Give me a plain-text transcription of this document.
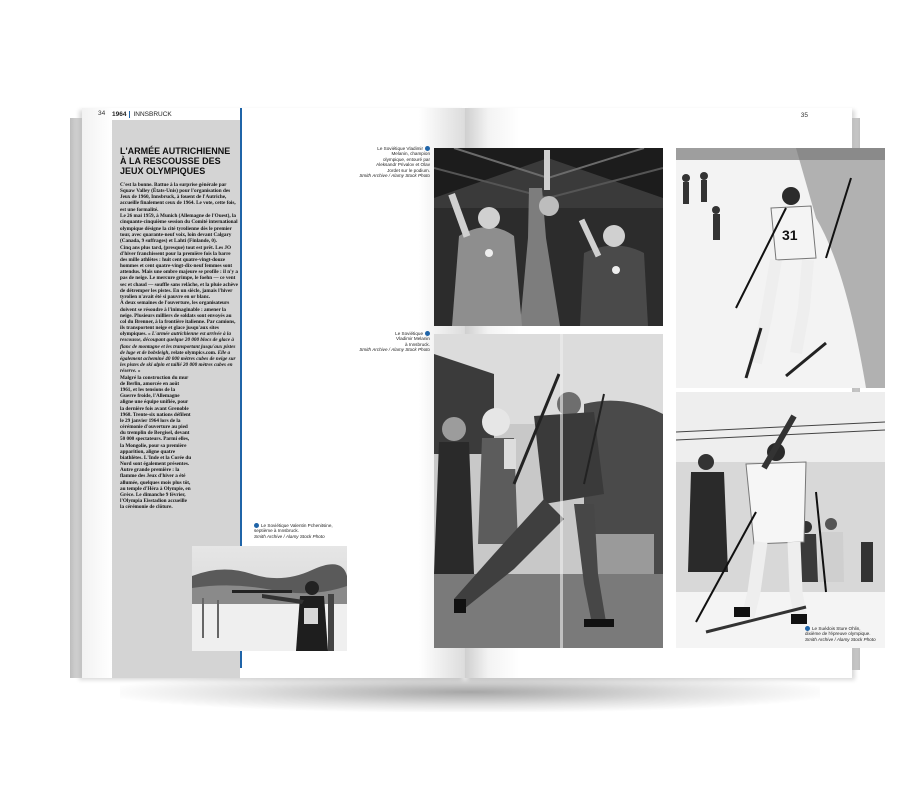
34 1964 INNSBRUCK
L'ARMÉE AUTRICHIENNE À LA RESCOUSSE DES JEUX OLYMPIQUES

C'est la bonne. Battue à la surprise générale par Squaw Valley (États-Unis) pour l'organisation des Jeux de 1960, Innsbruck, à fouent de l'Autriche, accueille finalement ceux de 1964. Le vote, cette fois, est une formalité.

Le 26 mai 1959, à Munich (Allemagne de l'Ouest), la cinquante-cinquième session du Comité international olympique désigne la cité tyrolienne dès le premier tour, avec quarante-neuf voix, loin devant Calgary (Canada, 9 suffrages) et Lahti (Finlande, 0).

Cinq ans plus tard, (presque) tout est prêt. Les JO d'hiver franchissent pour la première fois la barre des mille athlètes : huit cent quatre-vingt-douze hommes et cent quatre-vingt-dix-neuf femmes sont attendus. Mais une ombre majeure se profile : il n'y a pas de neige. Le mercure grimpe, le foehn — ce vent sec et chaud — souffle sans relâche, et la pluie achève de détremper les pistes. En un siècle, jamais l'hiver tyrolien n'avait été si pauvre en or blanc.

À deux semaines de l'ouverture, les organisateurs doivent se résoudre à l'inimaginable : amener la neige. Plusieurs milliers de soldats sont envoyés au col du Brenner, à la frontière italienne. Par camions, ils transportent neige et glace jusqu'aux sites olympiques. « L'armée autrichienne est arrivée à la rescousse, découpant quelque 20 000 blocs de glace à flanc de montagne et les transportant jusqu'aux pistes de luge et de bobsleigh, relate olympics.com. Elle a également acheminé 40 000 mètres cubes de neige sur les pistes de ski alpin et taillé 20 000 mètres cubes en réserve. »

Malgré la construction du mur de Berlin, amorcée en août 1961, et les tensions de la Guerre froide, l'Allemagne aligne une équipe unifiée, pour la dernière fois avant Grenoble 1968. Trente-six nations défilent le 29 janvier 1964 lors de la cérémonie d'ouverture au pied du tremplin de Bergisel, devant 50 000 spectateurs. Parmi elles, la Mongolie, pour sa première apparition, aligne quatre biathlètes. L'Inde et la Corée du Nord sont également présentes. Autre grande première : la flamme des Jeux d'hiver a été allumée, quelques mois plus tôt, au temple d'Héra à Olympie, en Grèce. Le dimanche 9 février, l'Olympia Eisstadion accueille la cérémonie de clôture.

Le Soviétique Valentin Pchenitsine,
septième à Innsbruck.
Smith Archive / Alamy Stock Photo
35
Le Soviétique Vladimir
Melanin, champion
olympique, entouré par
Aleksandr Privalov et Olav
Jordet sur le podium.
Smith Archive / Alamy Stock Photo
Le Soviétique
Vladimir Melanin
à Innsbruck.
Smith Archive / Alamy Stock Photo
31
Le Suédois Sture Ohlin,
dixième de l'épreuve olympique.
Smith Archive / Alamy Stock Photo
